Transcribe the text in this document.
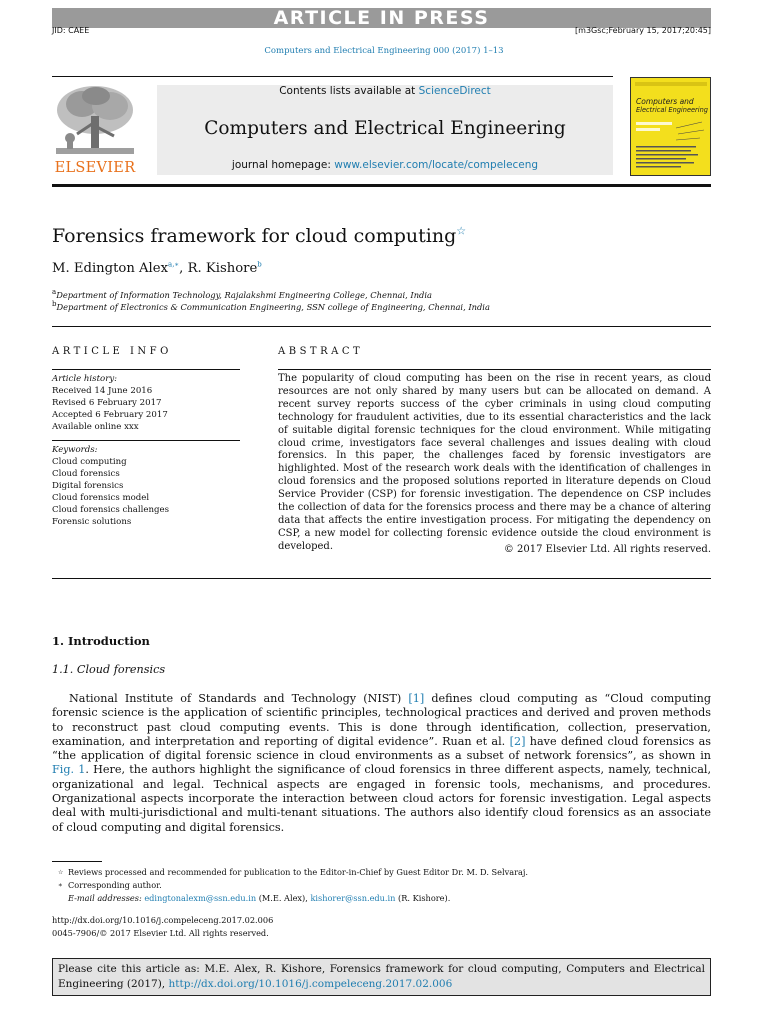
ARTICLE IN PRESS
JID: CAEE	[m3Gsc;February 15, 2017;20:45]
Computers and Electrical Engineering 000 (2017) 1–13
ELSEVIER
Contents lists available at ScienceDirect
Computers and Electrical Engineering
journal homepage: www.elsevier.com/locate/compeleceng
Computers and
Electrical Engineering
Forensics framework for cloud computing☆
M. Edington Alex$^{a,∗}$, R. Kishore$^b$
$^a$Department of Information Technology, Rajalakshmi Engineering College, Chennai, India
$^b$Department of Electronics & Communication Engineering, SSN college of Engineering, Chennai, India
ARTICLE INFO
Article history:
Received 14 June 2016
Revised 6 February 2017
Accepted 6 February 2017
Available online xxx
Keywords:
Cloud computing
Cloud forensics
Digital forensics
Cloud forensics model
Cloud forensics challenges
Forensic solutions
ABSTRACT
The popularity of cloud computing has been on the rise in recent years, as cloud resources are not only shared by many users but can be allocated on demand. A recent survey reports success of the cyber criminals in using cloud computing technology for fraudulent activities, due to its essential characteristics and the lack of suitable digital forensic techniques for the cloud environment. While mitigating cloud crime, investigators face several challenges and issues dealing with cloud forensics. In this paper, the challenges faced by forensic investigators are highlighted. Most of the research work deals with the identification of challenges in cloud forensics and the proposed solutions reported in literature depends on Cloud Service Provider (CSP) for forensic investigation. The dependence on CSP includes the collection of data for the forensics process and there may be a chance of altering data that affects the entire investigation process. For mitigating the dependency on CSP, a new model for collecting forensic evidence outside the cloud environment is developed.	© 2017 Elsevier Ltd. All rights reserved.
1. Introduction
1.1. Cloud forensics
National Institute of Standards and Technology (NIST) [1] defines cloud computing as “Cloud computing forensic science is the application of scientific principles, technological practices and derived and proven methods to reconstruct past cloud computing events. This is done through identification, collection, preservation, examination, and interpretation and reporting of digital evidence”. Ruan et al. [2] have defined cloud forensics as “the application of digital forensic science in cloud environments as a subset of network forensics”, as shown in Fig. 1. Here, the authors highlight the significance of cloud forensics in three different aspects, namely, technical, organizational and legal. Technical aspects are engaged in forensic tools, mechanisms, and procedures. Organizational aspects incorporate the interaction between cloud actors for forensic investigation. Legal aspects deal with multi-jurisdictional and multi-tenant situations. The authors also identify cloud forensics as an associate of cloud computing and digital forensics.
☆ Reviews processed and recommended for publication to the Editor-in-Chief by Guest Editor Dr. M. D. Selvaraj.
∗ Corresponding author.
E-mail addresses: edingtonalexm@ssn.edu.in (M.E. Alex), kishorer@ssn.edu.in (R. Kishore).
http://dx.doi.org/10.1016/j.compeleceng.2017.02.006
0045-7906/© 2017 Elsevier Ltd. All rights reserved.
Please cite this article as: M.E. Alex, R. Kishore, Forensics framework for cloud computing, Computers and Electrical Engineering (2017), http://dx.doi.org/10.1016/j.compeleceng.2017.02.006
